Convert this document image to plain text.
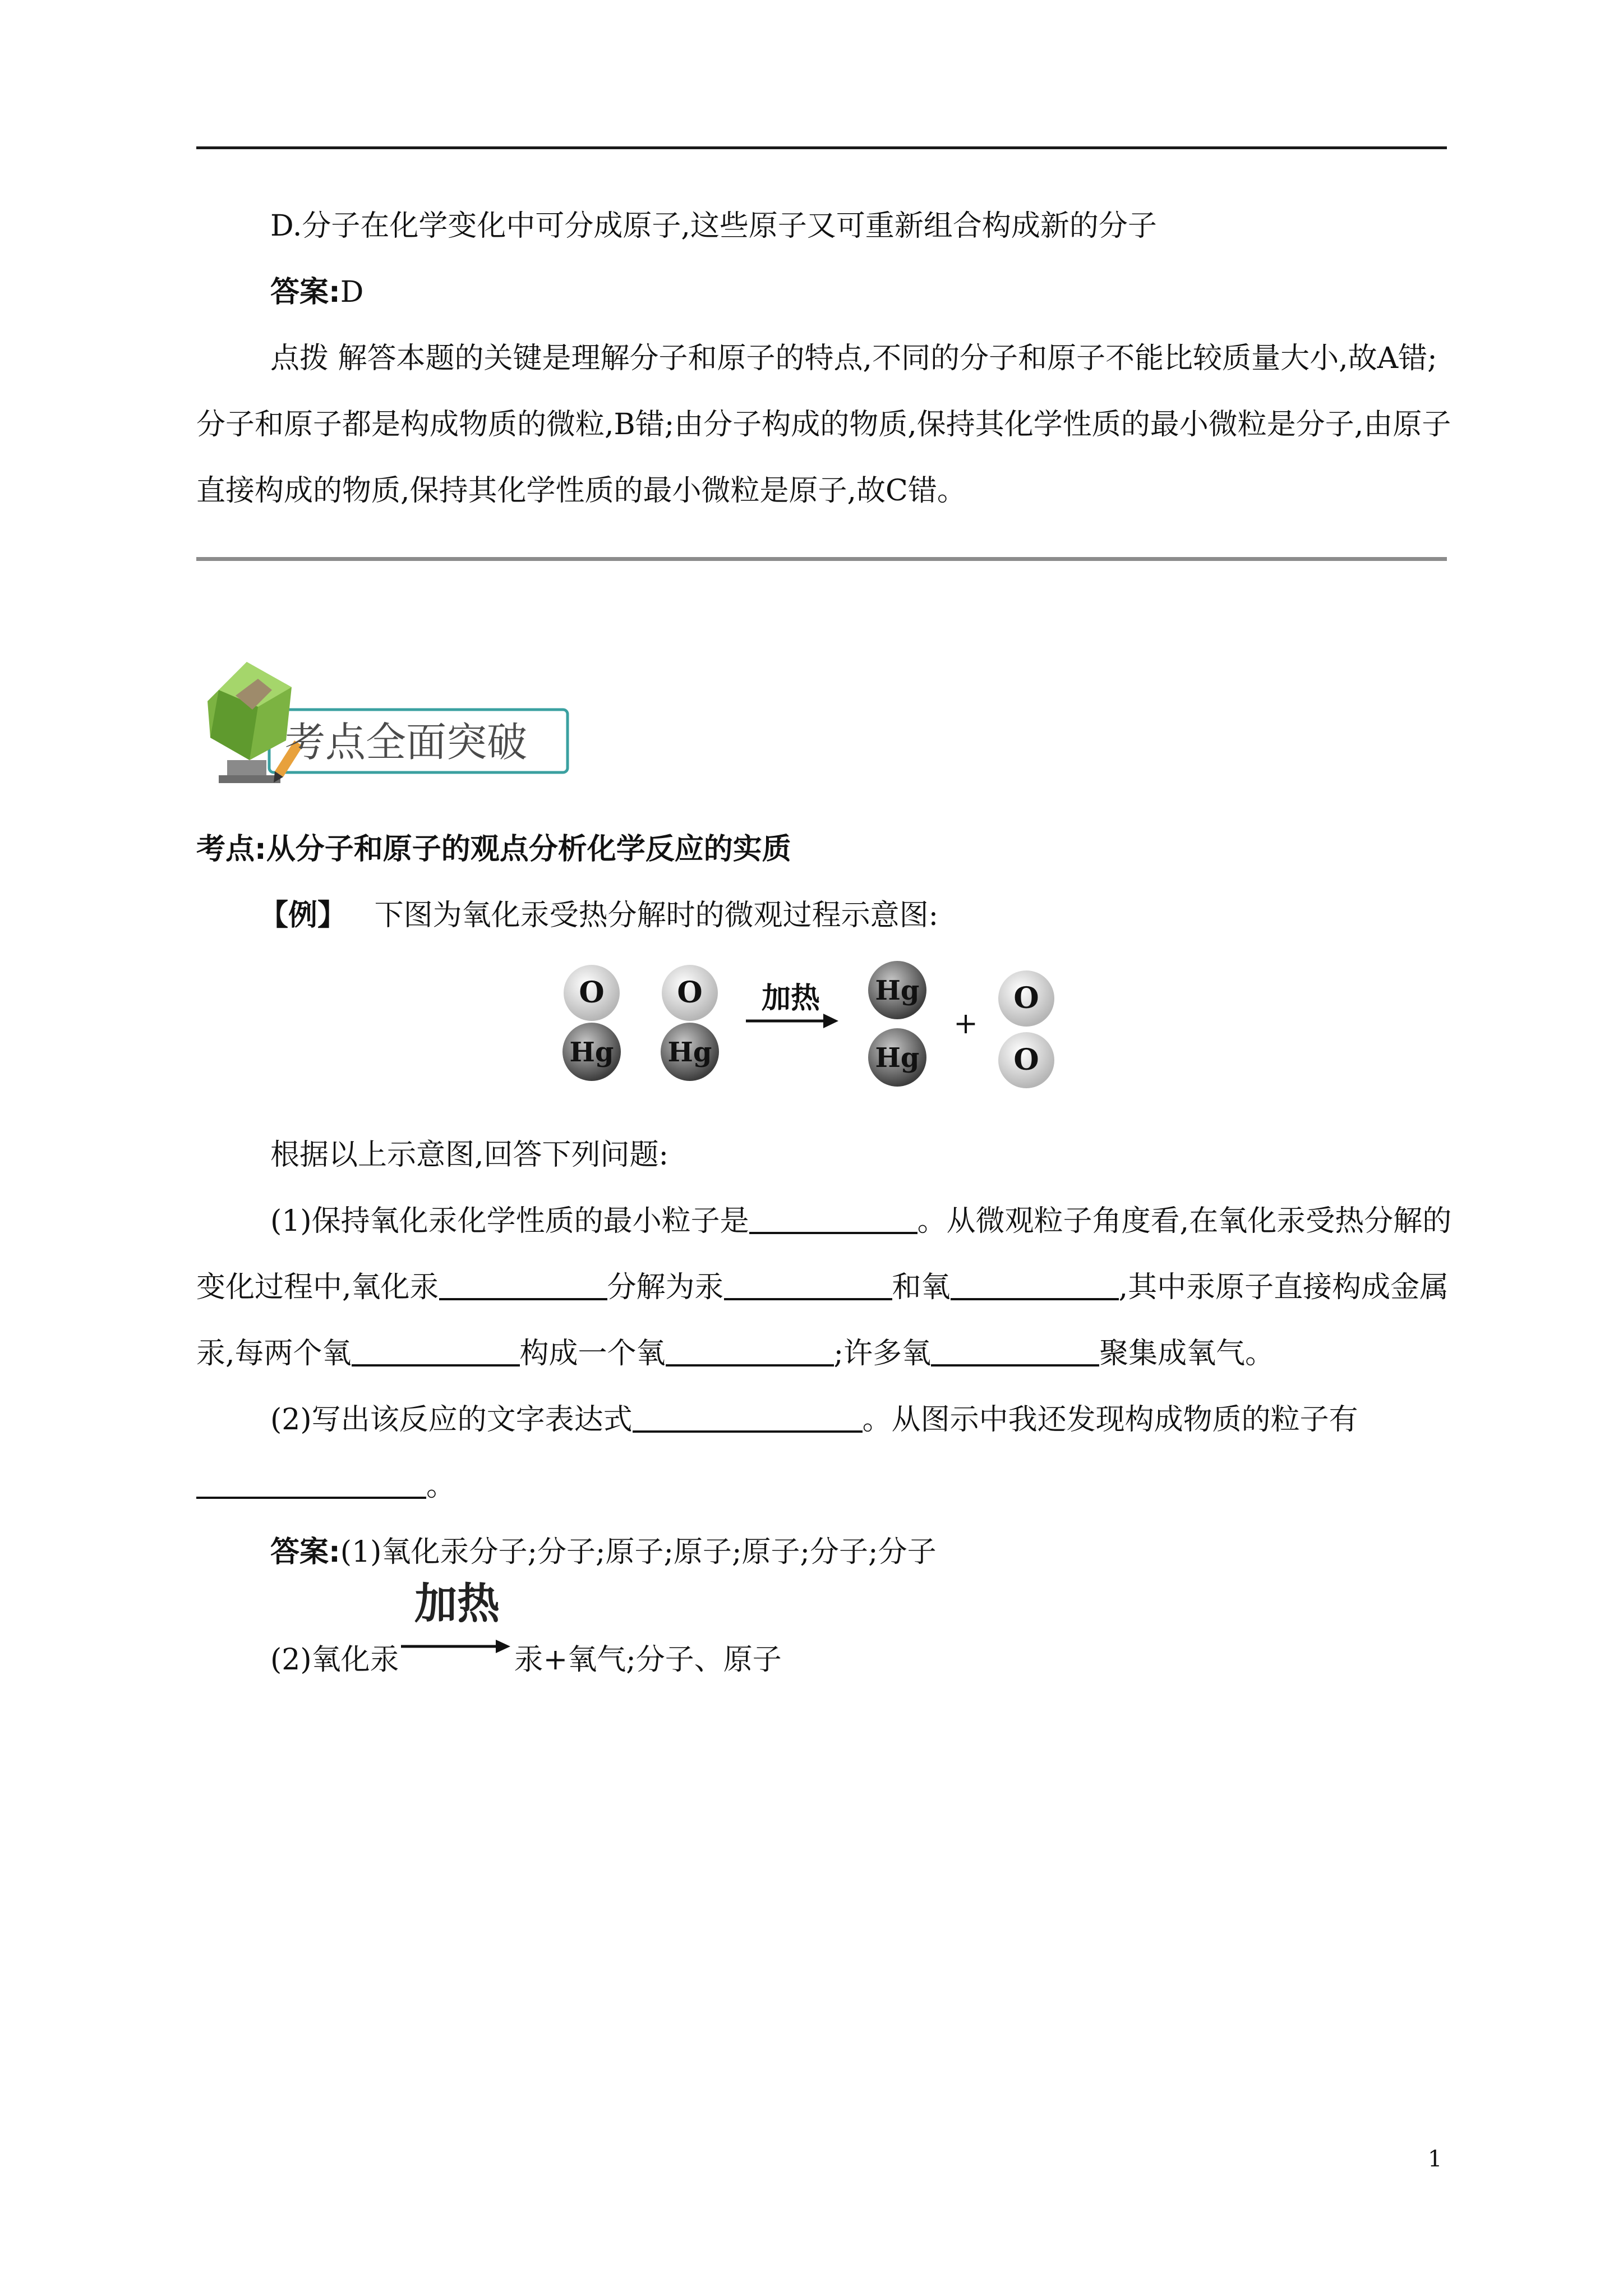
D.分子在化学变化中可分成原子,这些原子又可重新组合构成新的分子

答案:D

点拨 解答本题的关键是理解分子和原子的特点,不同的分子和原子不能比较质量大小,故A错;分子和原子都是构成物质的微粒,B错;由分子构成的物质,保持其化学性质的最小微粒是分子,由原子直接构成的物质,保持其化学性质的最小微粒是原子,故C错。

考点全面突破

考点:从分子和原子的观点分析化学反应的实质

【例】 下图为氧化汞受热分解时的微观过程示意图:

O
Hg
O
Hg
加热 Hg
Hg
+
O
O

根据以上示意图,回答下列问题:

(1)保持氧化汞化学性质的最小粒子是	。从微观粒子角度看,在氧化汞受热分解的变化过程中,氧化汞	分解为汞	和氧	,其中汞原子直接构成金属汞,每两个氧	构成一个氧	;许多氧	聚集成氧气。

(2)写出该反应的文字表达式	。从图示中我还发现构成物质的粒子有。

答案:(1)氧化汞分子;分子;原子;原子;原子;分子;分子

(2)氧化汞	汞+氧气;分子、原子

加热
1
